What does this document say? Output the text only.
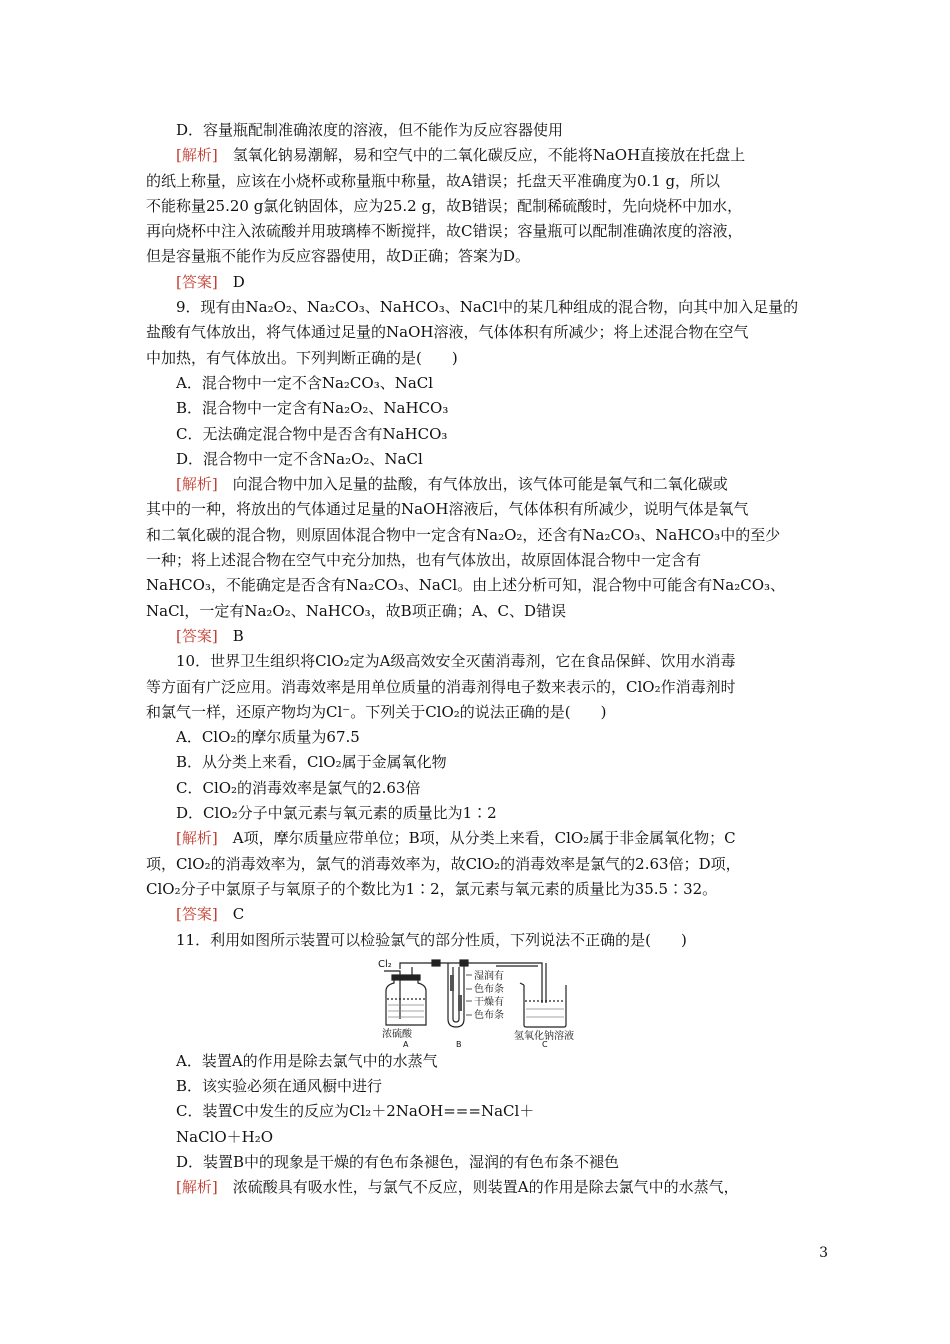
D．容量瓶配制准确浓度的溶液，但不能作为反应容器使用

[解析]　 氢氧化钠易潮解，易和空气中的二氧化碳反应，不能将NaOH直接放在托盘上

的纸上称量，应该在小烧杯或称量瓶中称量，故A错误；托盘天平准确度为0.1 g，所以

不能称量25.20 g氯化钠固体，应为25.2 g，故B错误；配制稀硫酸时，先向烧杯中加水，

再向烧杯中注入浓硫酸并用玻璃棒不断搅拌，故C错误；容量瓶可以配制准确浓度的溶液，

但是容量瓶不能作为反应容器使用，故D正确；答案为D。

[答案]　 D

9．现有由Na₂O₂、Na₂CO₃、NaHCO₃、NaCl中的某几种组成的混合物，向其中加入足量的

盐酸有气体放出，将气体通过足量的NaOH溶液，气体体积有所减少；将上述混合物在空气

中加热，有气体放出。下列判断正确的是(　　)

A．混合物中一定不含Na₂CO₃、NaCl

B．混合物中一定含有Na₂O₂、NaHCO₃

C．无法确定混合物中是否含有NaHCO₃

D．混合物中一定不含Na₂O₂、NaCl

[解析]　 向混合物中加入足量的盐酸，有气体放出，该气体可能是氧气和二氧化碳或

其中的一种，将放出的气体通过足量的NaOH溶液后，气体体积有所减少，说明气体是氧气

和二氧化碳的混合物，则原固体混合物中一定含有Na₂O₂，还含有Na₂CO₃、NaHCO₃中的至少

一种；将上述混合物在空气中充分加热，也有气体放出，故原固体混合物中一定含有

NaHCO₃，不能确定是否含有Na₂CO₃、NaCl。由上述分析可知，混合物中可能含有Na₂CO₃、

NaCl，一定有Na₂O₂、NaHCO₃，故B项正确；A、C、D错误

[答案]　 B

10．世界卫生组织将ClO₂定为A级高效安全灭菌消毒剂，它在食品保鲜、饮用水消毒

等方面有广泛应用。消毒效率是用单位质量的消毒剂得电子数来表示的，ClO₂作消毒剂时

和氯气一样，还原产物均为Cl⁻。下列关于ClO₂的说法正确的是(　　)

A．ClO₂的摩尔质量为67.5

B．从分类上来看，ClO₂属于金属氧化物

C．ClO₂的消毒效率是氯气的2.63倍

D．ClO₂分子中氯元素与氧元素的质量比为1∶2

[解析]　 A项，摩尔质量应带单位；B项，从分类上来看，ClO₂属于非金属氧化物；C

项，ClO₂的消毒效率为，氯气的消毒效率为，故ClO₂的消毒效率是氯气的2.63倍；D项，

ClO₂分子中氯原子与氧原子的个数比为1∶2，氯元素与氧元素的质量比为35.5∶32。

[答案]　 C

11．利用如图所示装置可以检验氯气的部分性质，下列说法不正确的是(　　)

Cl₂
浓硫酸
A
湿润有
色布条
干燥有
色布条
B
氢氧化钠溶液
C

A．装置A的作用是除去氯气中的水蒸气

B．该实验必须在通风橱中进行

C．装置C中发生的反应为Cl₂＋2NaOH===NaCl＋

NaClO＋H₂O

D．装置B中的现象是干燥的有色布条褪色，湿润的有色布条不褪色

[解析]　 浓硫酸具有吸水性，与氯气不反应，则装置A的作用是除去氯气中的水蒸气，

3
